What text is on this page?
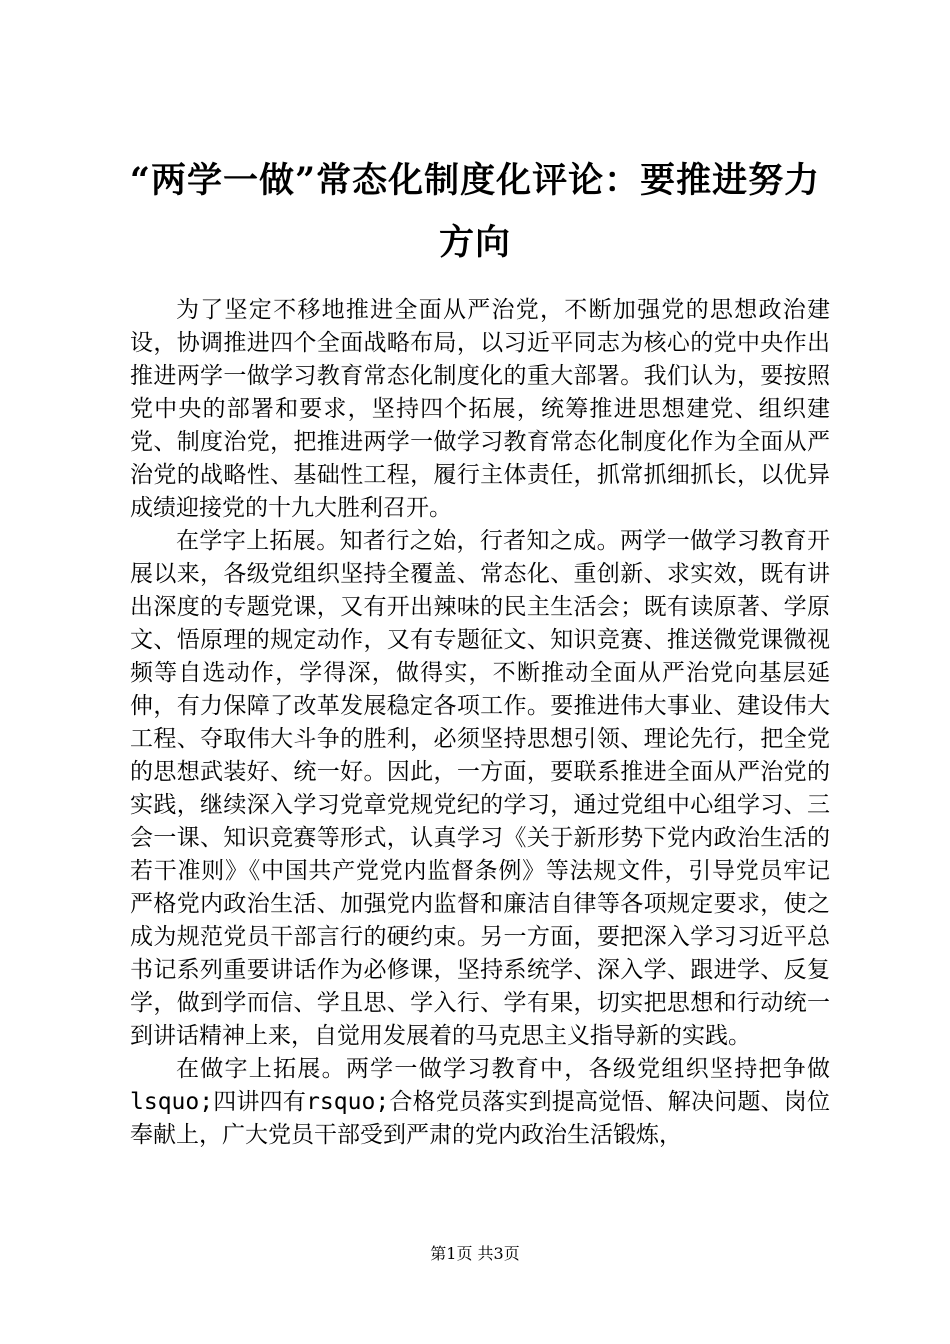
“两学一做”常态化制度化评论：要推进努力方向

为了坚定不移地推进全面从严治党，不断加强党的思想政治建设，协调推进四个全面战略布局，以习近平同志为核心的党中央作出推进两学一做学习教育常态化制度化的重大部署。我们认为，要按照党中央的部署和要求，坚持四个拓展，统筹推进思想建党、组织建党、制度治党，把推进两学一做学习教育常态化制度化作为全面从严治党的战略性、基础性工程，履行主体责任，抓常抓细抓长，以优异成绩迎接党的十九大胜利召开。

在学字上拓展。知者行之始，行者知之成。两学一做学习教育开展以来，各级党组织坚持全覆盖、常态化、重创新、求实效，既有讲出深度的专题党课，又有开出辣味的民主生活会；既有读原著、学原文、悟原理的规定动作，又有专题征文、知识竞赛、推送微党课微视频等自选动作，学得深，做得实，不断推动全面从严治党向基层延伸，有力保障了改革发展稳定各项工作。要推进伟大事业、建设伟大工程、夺取伟大斗争的胜利，必须坚持思想引领、理论先行，把全党的思想武装好、统一好。因此，一方面，要联系推进全面从严治党的实践，继续深入学习党章党规党纪的学习，通过党组中心组学习、三会一课、知识竞赛等形式，认真学习《关于新形势下党内政治生活的若干准则》《中国共产党党内监督条例》等法规文件，引导党员牢记严格党内政治生活、加强党内监督和廉洁自律等各项规定要求，使之成为规范党员干部言行的硬约束。另一方面，要把深入学习习近平总书记系列重要讲话作为必修课，坚持系统学、深入学、跟进学、反复学，做到学而信、学且思、学入行、学有果，切实把思想和行动统一到讲话精神上来，自觉用发展着的马克思主义指导新的实践。

在做字上拓展。两学一做学习教育中，各级党组织坚持把争做lsquo;四讲四有rsquo;合格党员落实到提高觉悟、解决问题、岗位奉献上，广大党员干部受到严肃的党内政治生活锻炼，

第1页 共3页
